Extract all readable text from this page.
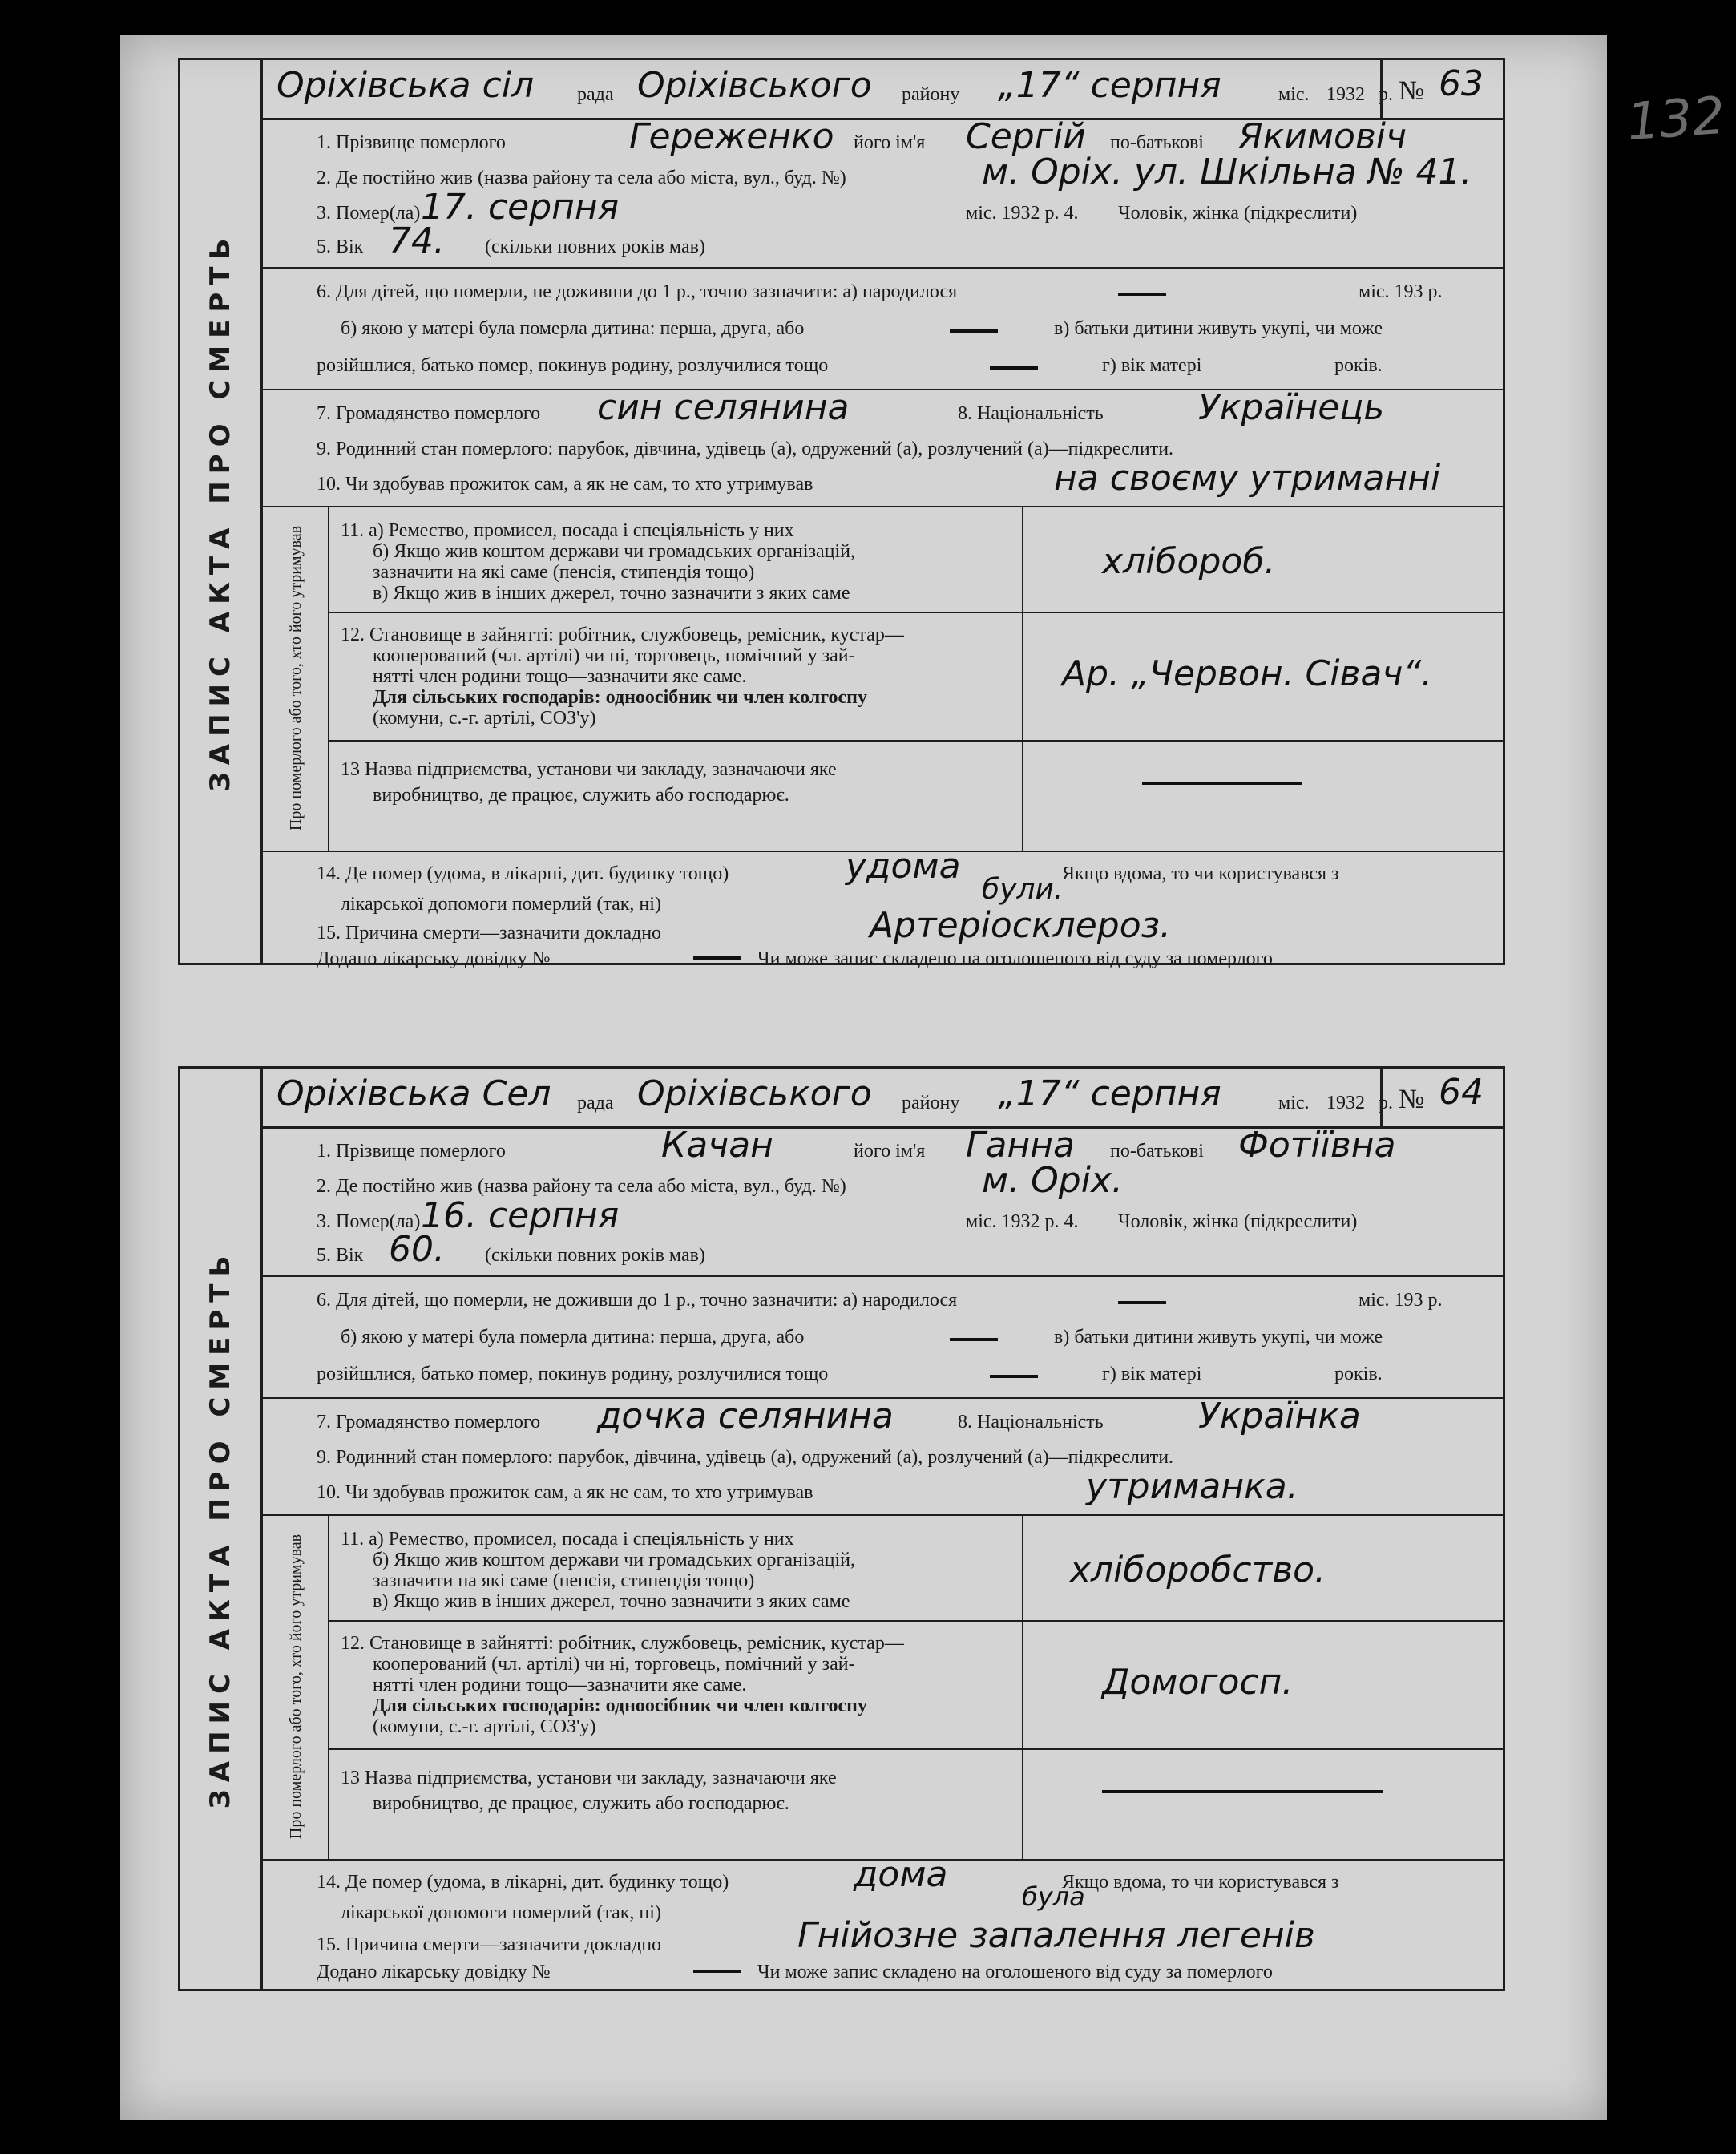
132
ЗАПИС АКТА ПРО СМЕРТЬ
Оріхівська сіл рада Оріхівського району „17“ серпня	міс. 1932 р. № 63
1. Прізвище померлого	Гереженко його ім'я Сергій по-батькові Якимовіч
2. Де постійно жив (назва району та села або міста, вул., буд. №)	м. Оріх. ул. Шкільна № 41.
3. Помер(ла) 17. серпня	міс. 1932 р. 4. Чоловік, жінка (підкреслити)
5. Вік 74. (скільки повних років мав)
6. Для дітей, що померли, не доживши до 1 р., точно зазначити: а) народилося	міс. 193 р.
б) якою у матері була померла дитина: перша, друга, або	в) батьки дитини живуть укупі, чи може
розійшлися, батько помер, покинув родину, розлучилися тощо	г) вік матері	років.
7. Громадянство померлого син селянина	8. Національність	Українець
9. Родинний стан померлого: парубок, дівчина, удівець (а), одружений (а), розлучений (а)—підкреслити.
10. Чи здобував прожиток сам, а як не сам, то хто утримував	на своєму утриманні
Про померлого або того, хто його утримував 11. а) Ремество, промисел, посада і спеціяльність у них
б) Якщо жив коштом держави чи громадських організацій,
зазначити на які саме (пенсія, стипендія тощо)
в) Якщо жив в інших джерел, точно зазначити з яких саме
хлібороб.
12. Становище в зайнятті: робітник, службовець, ремісник, кустар—
кооперований (чл. артілі) чи ні, торговець, помічний у зай-
нятті член родини тощо—зазначити яке саме.
Для сільських господарів: одноосібник чи член колгоспу
(комуни, с.-г. артілі, СОЗ'у)
Ар. „Червон. Сівач“.
13 Назва підприємства, установи чи закладу, зазначаючи яке
виробництво, де працює, служить або господарює.
14. Де помер (удома, в лікарні, дит. будинку тощо)	удома	Якщо вдома, то чи користувався з
лікарської допомоги померлий (так, ні)	були.
15. Причина смерти—зазначити докладно	Артеріосклероз.
Додано лікарську довідку №	Чи може запис складено на оголошеного від суду за померлого
ЗАПИС АКТА ПРО СМЕРТЬ
Оріхівська Сел рада Оріхівського району „17“ серпня	міс. 1932 р. № 64
1. Прізвище померлого	Качан	його ім'я Ганна по-батькові Фотіївна
2. Де постійно жив (назва району та села або міста, вул., буд. №)	м. Оріх.
3. Помер(ла) 16. серпня	міс. 1932 р. 4. Чоловік, жінка (підкреслити)
5. Вік 60. (скільки повних років мав)
6. Для дітей, що померли, не доживши до 1 р., точно зазначити: а) народилося	міс. 193 р.
б) якою у матері була померла дитина: перша, друга, або	в) батьки дитини живуть укупі, чи може
розійшлися, батько помер, покинув родину, розлучилися тощо	г) вік матері	років.
7. Громадянство померлого дочка селянина	8. Національність	Українка
9. Родинний стан померлого: парубок, дівчина, удівець (а), одружений (а), розлучений (а)—підкреслити.
10. Чи здобував прожиток сам, а як не сам, то хто утримував	утриманка.
Про померлого або того, хто його утримував 11. а) Ремество, промисел, посада і спеціяльність у них
б) Якщо жив коштом держави чи громадських організацій,
зазначити на які саме (пенсія, стипендія тощо)
в) Якщо жив в інших джерел, точно зазначити з яких саме
хліборобство.
12. Становище в зайнятті: робітник, службовець, ремісник, кустар—
кооперований (чл. артілі) чи ні, торговець, помічний у зай-
нятті член родини тощо—зазначити яке саме.
Для сільських господарів: одноосібник чи член колгоспу
(комуни, с.-г. артілі, СОЗ'у)
Домогосп.
13 Назва підприємства, установи чи закладу, зазначаючи яке
виробництво, де працює, служить або господарює.
14. Де помер (удома, в лікарні, дит. будинку тощо)	дома	Якщо вдома, то чи користувався з
лікарської допомоги померлий (так, ні)
була
15. Причина смерти—зазначити докладно	Гнійозне запалення легенів
Додано лікарську довідку №	Чи може запис складено на оголошеного від суду за померлого
